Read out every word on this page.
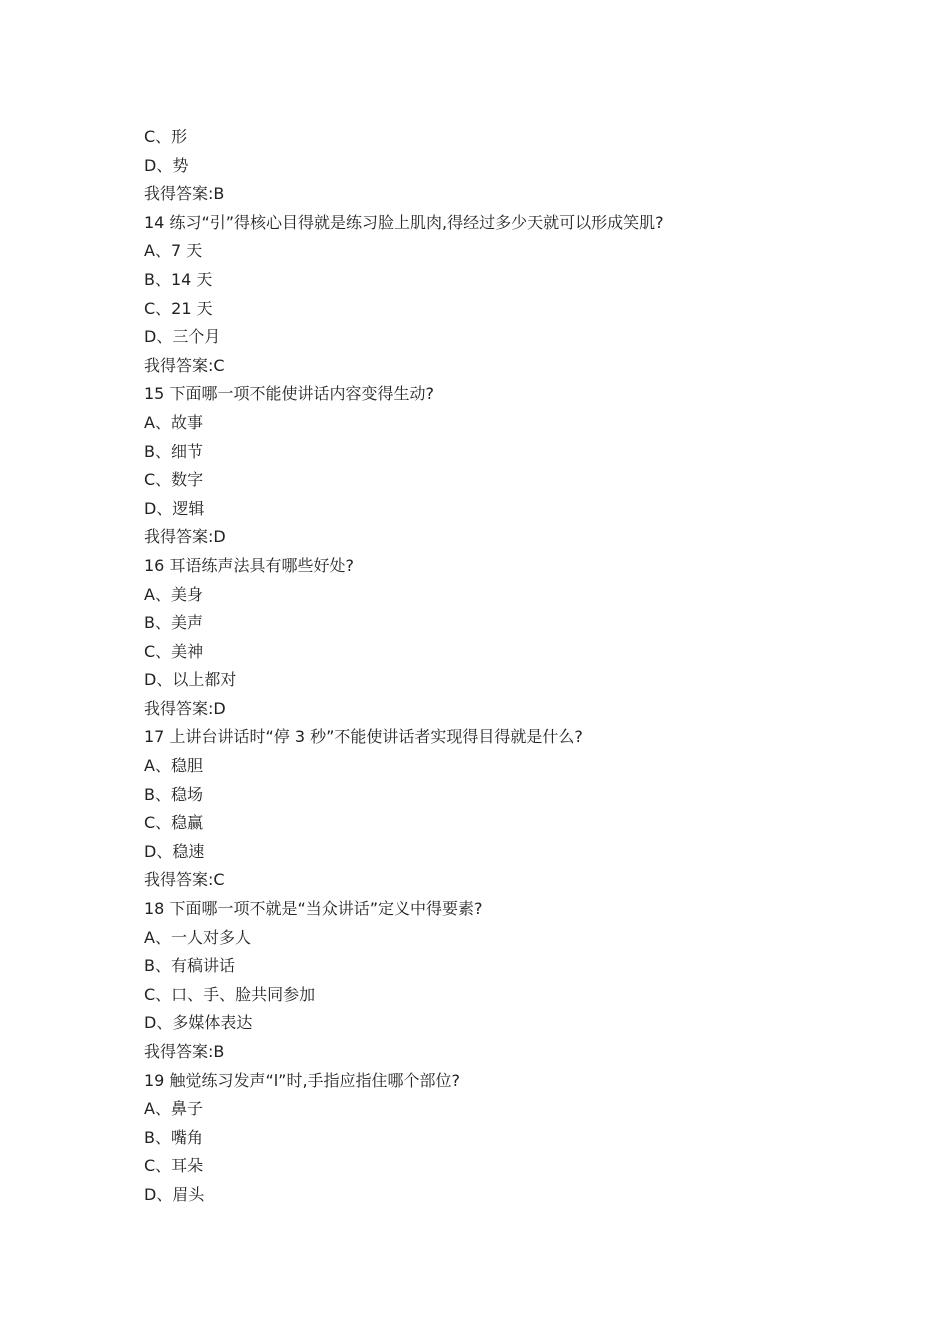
C、形
D、势
我得答案:B
14 练习“引”得核心目得就是练习脸上肌肉,得经过多少天就可以形成笑肌?
A、7 天
B、14 天
C、21 天
D、三个月
我得答案:C
15 下面哪一项不能使讲话内容变得生动?
A、故事
B、细节
C、数字
D、逻辑
我得答案:D
16 耳语练声法具有哪些好处?
A、美身
B、美声
C、美神
D、以上都对
我得答案:D
17 上讲台讲话时“停 3 秒”不能使讲话者实现得目得就是什么?
A、稳胆
B、稳场
C、稳赢
D、稳速
我得答案:C
18 下面哪一项不就是“当众讲话”定义中得要素?
A、一人对多人
B、有稿讲话
C、口、手、脸共同参加
D、多媒体表达
我得答案:B
19 触觉练习发声“l”时,手指应指住哪个部位?
A、鼻子
B、嘴角
C、耳朵
D、眉头
